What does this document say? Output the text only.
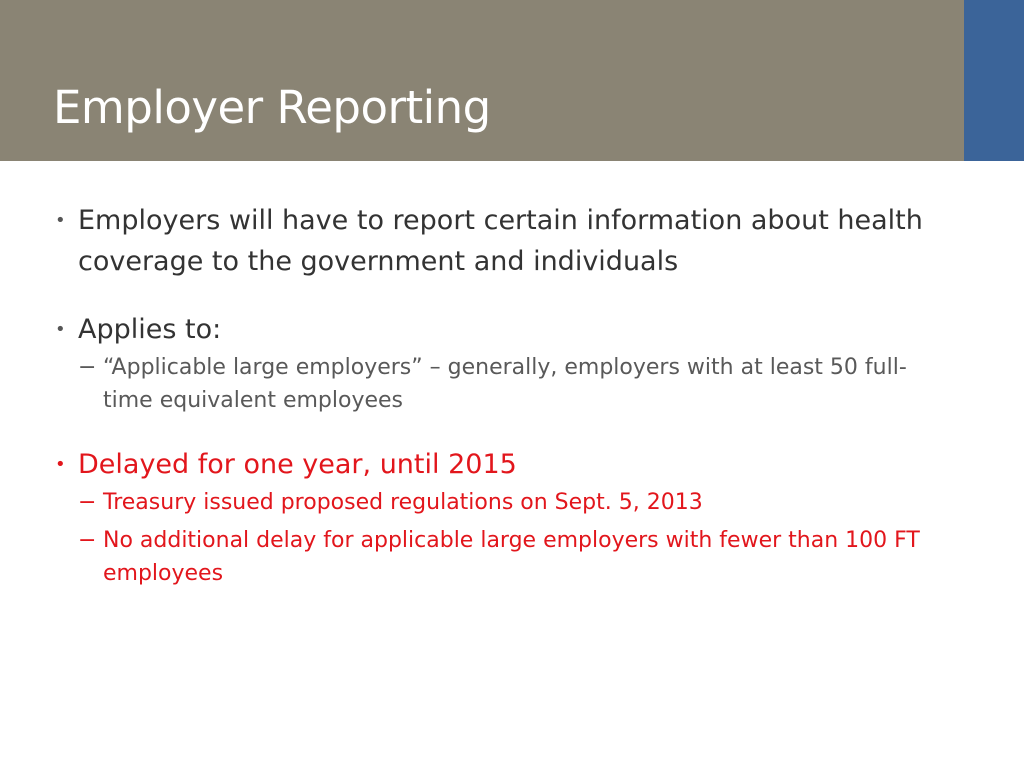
Employer Reporting
• Employers will have to report certain information about health coverage to the government and individuals
• Applies to:
− “Applicable large employers” – generally, employers with at least 50 full-time equivalent employees
• Delayed for one year, until 2015
− Treasury issued proposed regulations on Sept. 5, 2013
− No additional delay for applicable large employers with fewer than 100 FT employees
